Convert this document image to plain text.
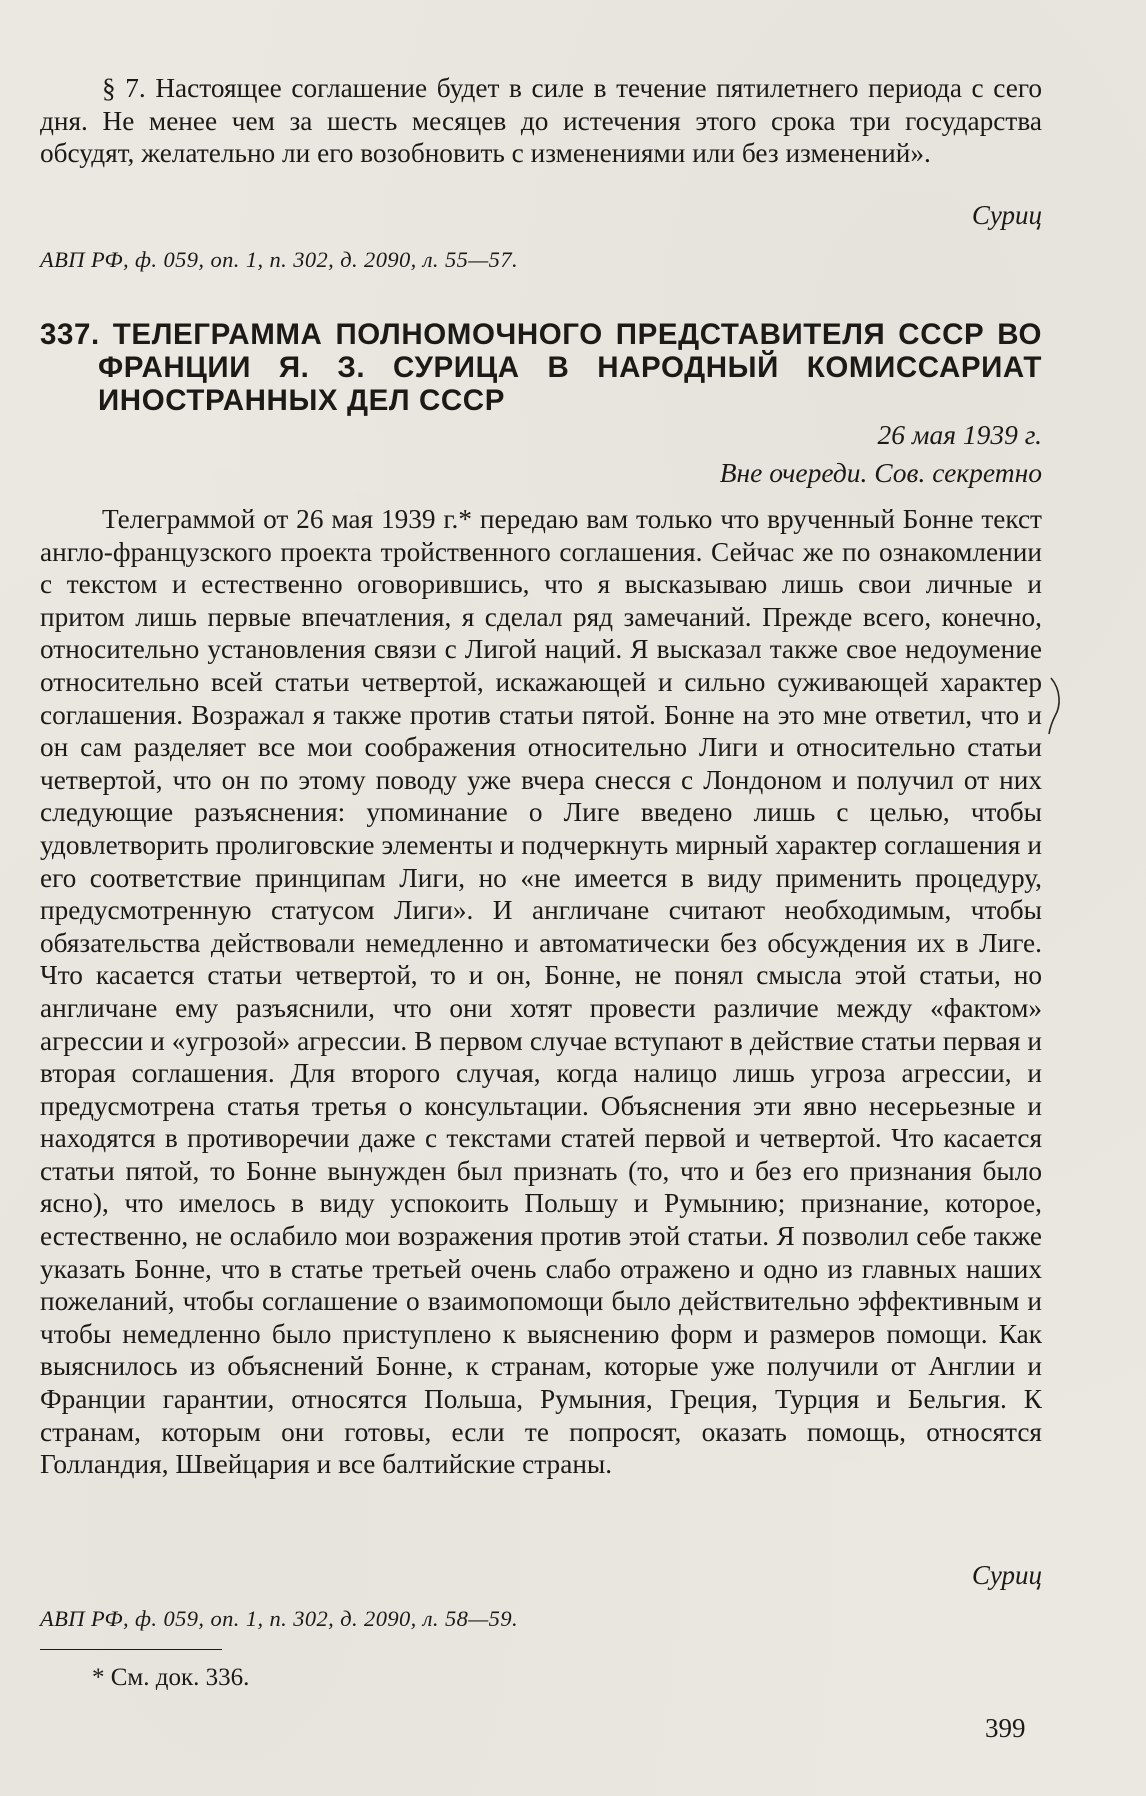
§ 7. Настоящее соглашение будет в силе в течение пятилетнего периода с сего дня. Не менее чем за шесть месяцев до истечения этого срока три государства обсудят, желательно ли его возобновить с изменениями или без изменений».

Суриц
АВП РФ, ф. 059, оп. 1, п. 302, д. 2090, л. 55—57.
337. ТЕЛЕГРАММА ПОЛНОМОЧНОГО ПРЕДСТАВИТЕЛЯ СССР ВО ФРАНЦИИ Я. З. СУРИЦА В НАРОДНЫЙ КОМИССАРИАТ ИНОСТРАННЫХ ДЕЛ СССР
26 мая 1939 г.
Вне очереди. Сов. секретно

Телеграммой от 26 мая 1939 г.* передаю вам только что врученный Бонне текст англо-французского проекта тройственного соглашения. Сейчас же по ознакомлении с текстом и естественно оговорившись, что я высказываю лишь свои личные и притом лишь первые впечатления, я сделал ряд замечаний. Прежде всего, конечно, относительно установления связи с Лигой наций. Я высказал также свое недоумение относительно всей статьи четвертой, искажающей и сильно суживающей характер соглашения. Возражал я также против статьи пятой. Бонне на это мне ответил, что и он сам разделяет все мои соображения относительно Лиги и относительно статьи четвертой, что он по этому поводу уже вчера снесся с Лондоном и получил от них следующие разъяснения: упоминание о Лиге введено лишь с целью, чтобы удовлетворить пролиговские элементы и подчеркнуть мирный характер соглашения и его соответствие принципам Лиги, но «не имеется в виду применить процедуру, предусмотренную статусом Лиги». И англичане считают необходимым, чтобы обязательства действовали немедленно и автоматически без обсуждения их в Лиге. Что касается статьи четвертой, то и он, Бонне, не понял смысла этой статьи, но англичане ему разъяснили, что они хотят провести различие между «фактом» агрессии и «угрозой» агрессии. В первом случае вступают в действие статьи первая и вторая соглашения. Для второго случая, когда налицо лишь угроза агрессии, и предусмотрена статья третья о консультации. Объяснения эти явно несерьезные и находятся в противоречии даже с текстами статей первой и четвертой. Что касается статьи пятой, то Бонне вынужден был признать (то, что и без его признания было ясно), что имелось в виду успокоить Польшу и Румынию; признание, которое, естественно, не ослабило мои возражения против этой статьи. Я позволил себе также указать Бонне, что в статье третьей очень слабо отражено и одно из главных наших пожеланий, чтобы соглашение о взаимопомощи было действительно эффективным и чтобы немедленно было приступлено к выяснению форм и размеров помощи. Как выяснилось из объяснений Бонне, к странам, которые уже получили от Англии и Франции гарантии, относятся Польша, Румыния, Греция, Турция и Бельгия. К странам, которым они готовы, если те попросят, оказать помощь, относятся Голландия, Швейцария и все балтийские страны.

Суриц
АВП РФ, ф. 059, оп. 1, п. 302, д. 2090, л. 58—59.
* См. док. 336.
399
